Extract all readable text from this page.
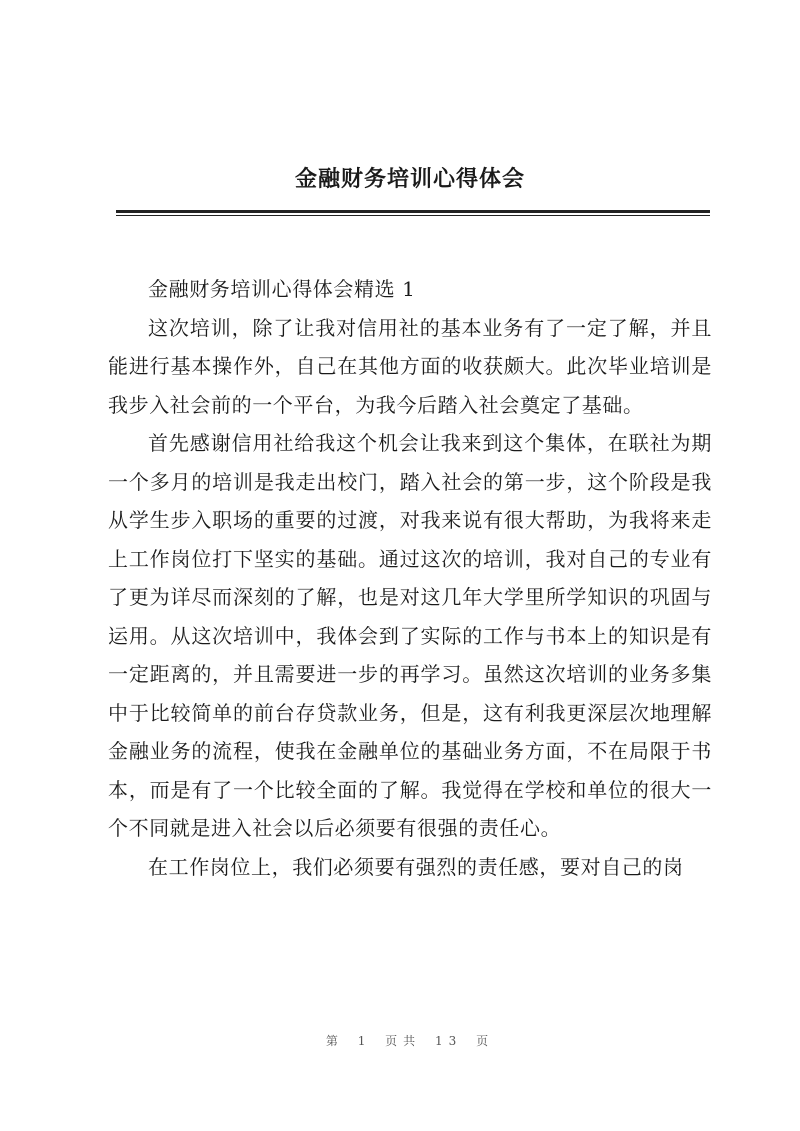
金融财务培训心得体会

金融财务培训心得体会精选 1

这次培训，除了让我对信用社的基本业务有了一定了解，并且能进行基本操作外，自己在其他方面的收获颇大。此次毕业培训是我步入社会前的一个平台，为我今后踏入社会奠定了基础。

首先感谢信用社给我这个机会让我来到这个集体，在联社为期一个多月的培训是我走出校门，踏入社会的第一步，这个阶段是我从学生步入职场的重要的过渡，对我来说有很大帮助，为我将来走上工作岗位打下坚实的基础。通过这次的培训，我对自己的专业有了更为详尽而深刻的了解，也是对这几年大学里所学知识的巩固与运用。从这次培训中，我体会到了实际的工作与书本上的知识是有一定距离的，并且需要进一步的再学习。虽然这次培训的业务多集中于比较简单的前台存贷款业务，但是，这有利我更深层次地理解金融业务的流程，使我在金融单位的基础业务方面，不在局限于书本，而是有了一个比较全面的了解。我觉得在学校和单位的很大一个不同就是进入社会以后必须要有很强的责任心。

在工作岗位上，我们必须要有强烈的责任感，要对自己的岗

第 1 页共 13 页
